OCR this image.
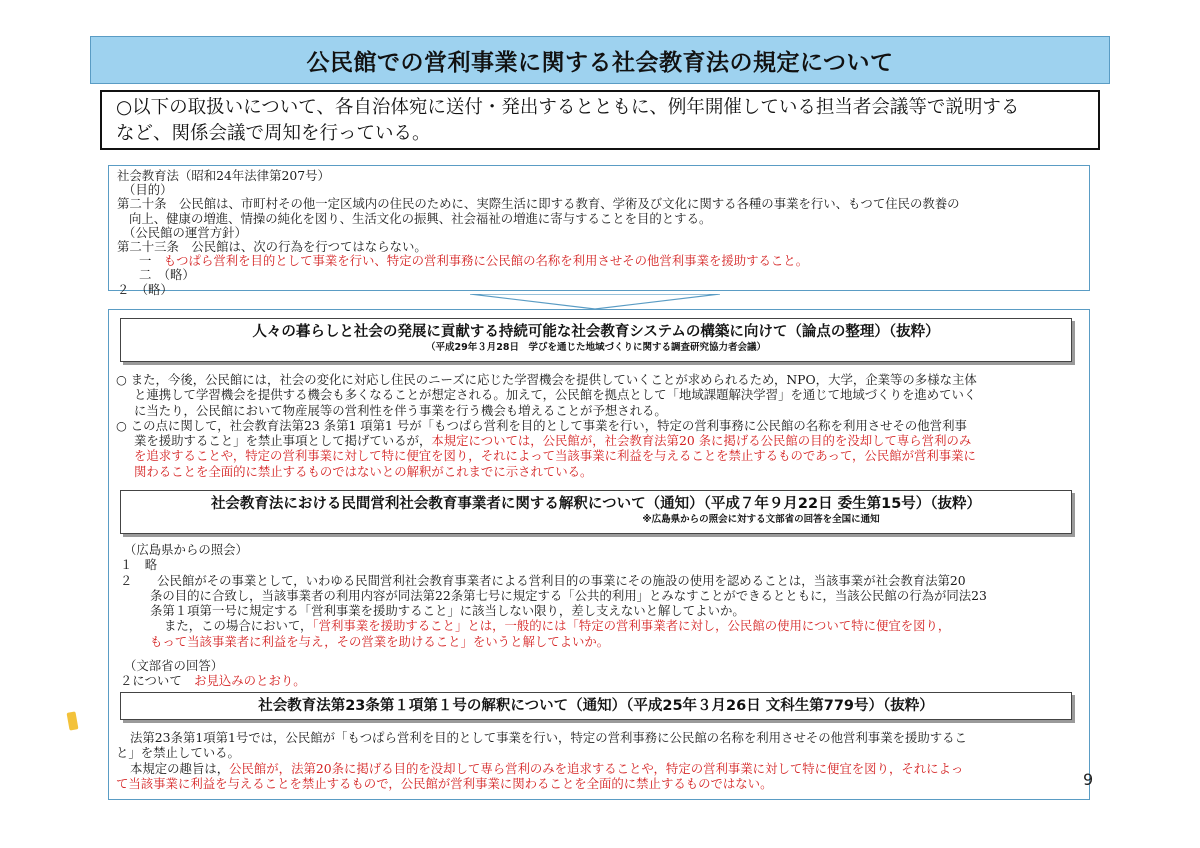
公民館での営利事業に関する社会教育法の規定について

○以下の取扱いについて、各自治体宛に送付・発出するとともに、例年開催している担当者会議等で説明する

など、関係会議で周知を行っている。

社会教育法（昭和24年法律第207号）
（目的）
第二十条　公民館は、市町村その他一定区域内の住民のために、実際生活に即する教育、学術及び文化に関する各種の事業を行い、もつて住民の教養の
向上、健康の増進、情操の純化を図り、生活文化の振興、社会福祉の増進に寄与することを目的とする。
（公民館の運営方針）
第二十三条　公民館は、次の行為を行つてはならない。
一　 もつぱら営利を目的として事業を行い、特定の営利事務に公民館の名称を利用させその他営利事業を援助すること。
二　（略）
２　（略）
人々の暮らしと社会の発展に貢献する持続可能な社会教育システムの構築に向けて（論点の整理）（抜粋）
（平成29年３月28日　学びを通じた地域づくりに関する調査研究協力者会議）
○ また，今後，公民館には，社会の変化に対応し住民のニーズに応じた学習機会を提供していくことが求められるため，NPO，大学，企業等の多様な主体
と連携して学習機会を提供する機会も多くなることが想定される。加えて，公民館を拠点として「地域課題解決学習」を通じて地域づくりを進めていく
に当たり，公民館において物産展等の営利性を伴う事業を行う機会も増えることが予想される。
○ この点に関して，社会教育法第23 条第1 項第1 号が「もつぱら営利を目的として事業を行い，特定の営利事務に公民館の名称を利用させその他営利事
業を援助すること」を禁止事項として掲げているが，本規定については，公民館が，社会教育法第20 条に掲げる公民館の目的を没却して専ら営利のみ
を追求することや，特定の営利事業に対して特に便宜を図り，それによって当該事業に利益を与えることを禁止するものであって，公民館が営利事業に
関わることを全面的に禁止するものではないとの解釈がこれまでに示されている。
社会教育法における民間営利社会教育事業者に関する解釈について（通知）（平成７年９月22日 委生第15号）（抜粋）
※広島県からの照会に対する文部省の回答を全国に通知
（広島県からの照会）
１　略
２　　公民館がその事業として，いわゆる民間営利社会教育事業者による営利目的の事業にその施設の使用を認めることは，当該事業が社会教育法第20
条の目的に合致し，当該事業者の利用内容が同法第22条第七号に規定する「公共的利用」とみなすことができるとともに，当該公民館の行為が同法23
条第１項第一号に規定する「営利事業を援助すること」に該当しない限り，差し支えないと解してよいか。
また，この場合において，「営利事業を援助すること」とは，一般的には「特定の営利事業者に対し，公民館の使用について特に便宜を図り，
もって当該事業者に利益を与え，その営業を助けること」をいうと解してよいか。
（文部省の回答）
２について　 お見込みのとおり。
社会教育法第23条第１項第１号の解釈について（通知）（平成25年３月26日 文科生第779号）（抜粋）
法第23条第1項第1号では，公民館が「もつぱら営利を目的として事業を行い，特定の営利事務に公民館の名称を利用させその他営利事業を援助するこ
と」を禁止している。
本規定の趣旨は，公民館が，法第20条に掲げる目的を没却して専ら営利のみを追求することや，特定の営利事業に対して特に便宜を図り，それによっ
て当該事業に利益を与えることを禁止するもので，公民館が営利事業に関わることを全面的に禁止するものではない。	9
